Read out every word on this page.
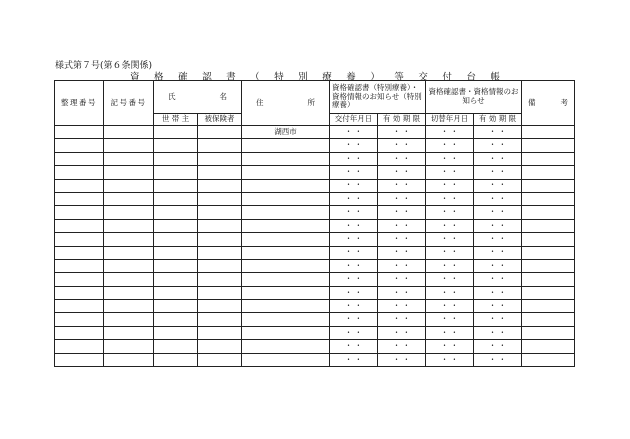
様式第７号(第６条関係)
資 格 確 認 書 （ 特 別 療 養 ） 等 交 付 台 帳
整理番号	記号番号	氏 名		住 所	資格確認書（特別療養）・資格情報のお知らせ（特別療養）		資格確認書・資格情報のお知らせ		備 考

		世 帯 主	被保険者		交付年月日	有 効 期 限	切替年月日	有 効 期 限	
				湖西市	・ ・	・ ・	・ ・	・ ・	
					・ ・	・ ・	・ ・	・ ・	
					・ ・	・ ・	・ ・	・ ・	
					・ ・	・ ・	・ ・	・ ・	
					・ ・	・ ・	・ ・	・ ・	
					・ ・	・ ・	・ ・	・ ・	
					・ ・	・ ・	・ ・	・ ・	
					・ ・	・ ・	・ ・	・ ・	
					・ ・	・ ・	・ ・	・ ・	
					・ ・	・ ・	・ ・	・ ・	
					・ ・	・ ・	・ ・	・ ・	
					・ ・	・ ・	・ ・	・ ・	
					・ ・	・ ・	・ ・	・ ・	
					・ ・	・ ・	・ ・	・ ・	
					・ ・	・ ・	・ ・	・ ・	
					・ ・	・ ・	・ ・	・ ・	
					・ ・	・ ・	・ ・	・ ・	
					・ ・	・ ・	・ ・	・ ・	
